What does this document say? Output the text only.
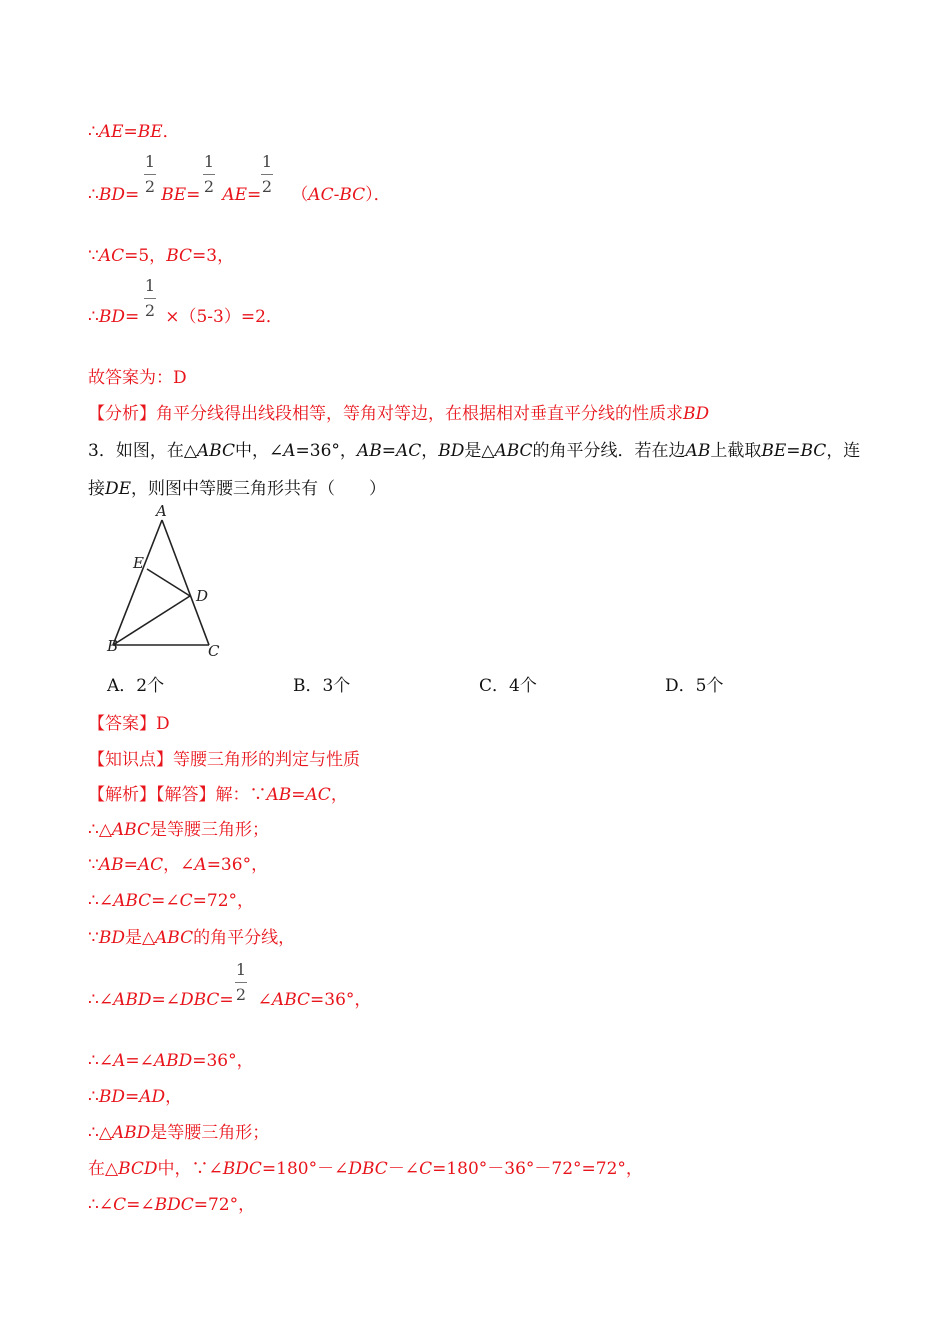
∴AE=BE．
1
2
1
2
1
2
∴BD= BE= AE= （AC-BC）．
∵AC=5，BC=3，
1
2
∴BD= ×（5-3）=2．
故答案为：D
【分析】角平分线得出线段相等，等角对等边，在根据相对垂直平分线的性质求BD
3．如图，在△ABC中，∠A=36°，AB=AC，BD是△ABC的角平分线．若在边AB上截取BE=BC，连
接DE，则图中等腰三角形共有（　　）
A
E
D
B	C
A．2个	B．3个	C．4个	D．5个
【答案】D
【知识点】等腰三角形的判定与性质
【解析】【解答】解：∵AB=AC，
∴△ABC是等腰三角形；
∵AB=AC，∠A=36°，
∴∠ABC=∠C=72°，
∵BD是△ABC的角平分线，
1
2
∴∠ABD=∠DBC= ∠ABC=36°，
∴∠A=∠ABD=36°，
∴BD=AD，
∴△ABD是等腰三角形；
在△BCD中，∵∠BDC=180°－∠DBC－∠C=180°－36°－72°=72°，
∴∠C=∠BDC=72°，
